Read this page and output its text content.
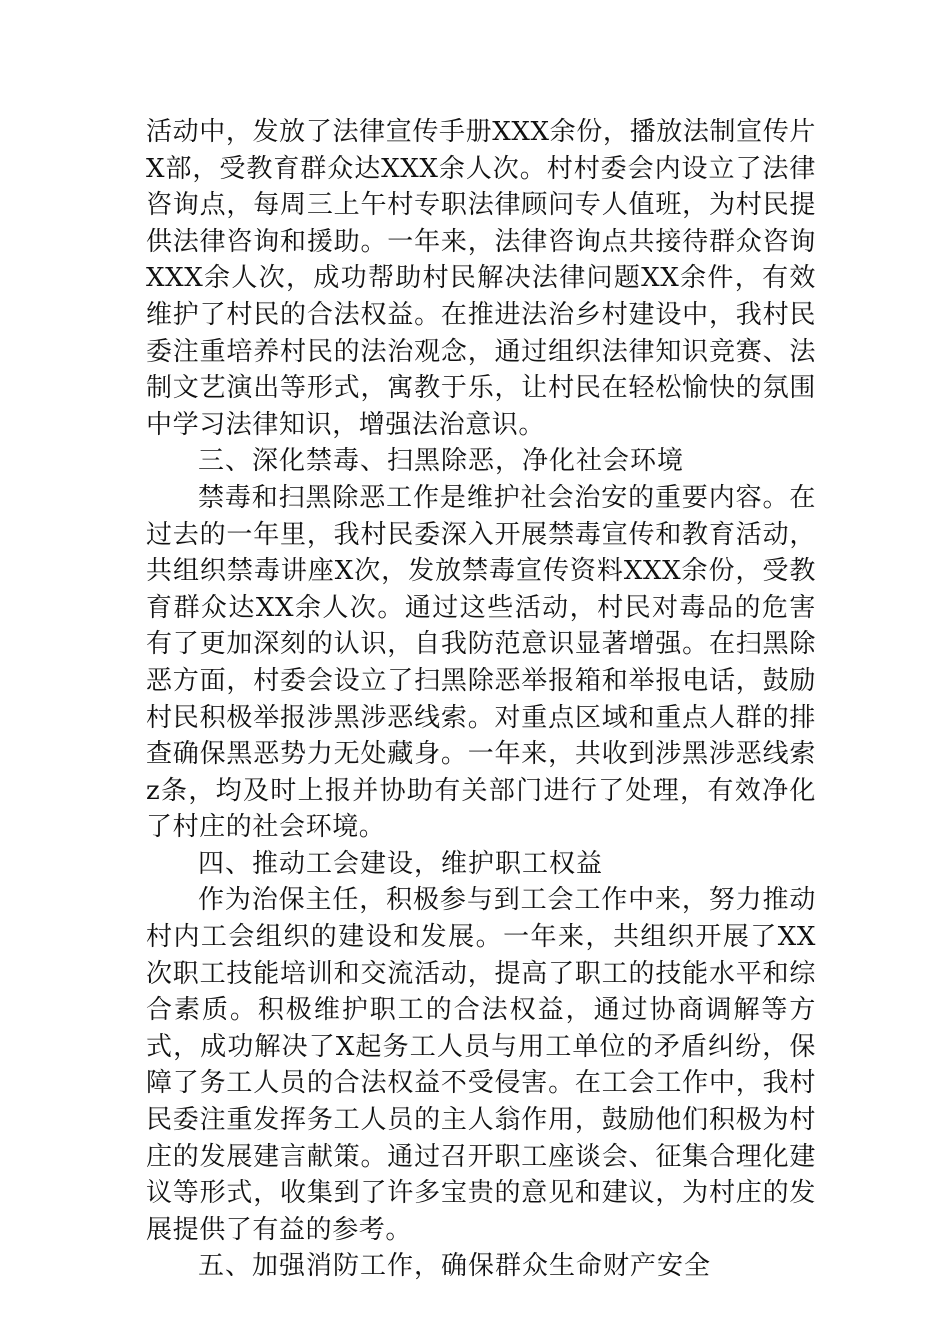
活动中，发放了法律宣传手册XXX余份，播放法制宣传片X部，受教育群众达XXX余人次。村村委会内设立了法律咨询点，每周三上午村专职法律顾问专人值班，为村民提供法律咨询和援助。一年来，法律咨询点共接待群众咨询XXX余人次，成功帮助村民解决法律问题XX余件，有效维护了村民的合法权益。在推进法治乡村建设中，我村民委注重培养村民的法治观念，通过组织法律知识竞赛、法制文艺演出等形式，寓教于乐，让村民在轻松愉快的氛围中学习法律知识，增强法治意识。

三、深化禁毒、扫黑除恶，净化社会环境

禁毒和扫黑除恶工作是维护社会治安的重要内容。在过去的一年里，我村民委深入开展禁毒宣传和教育活动，共组织禁毒讲座X次，发放禁毒宣传资料XXX余份，受教育群众达XX余人次。通过这些活动，村民对毒品的危害有了更加深刻的认识，自我防范意识显著增强。在扫黑除恶方面，村委会设立了扫黑除恶举报箱和举报电话，鼓励村民积极举报涉黑涉恶线索。对重点区域和重点人群的排查确保黑恶势力无处藏身。一年来，共收到涉黑涉恶线索z条，均及时上报并协助有关部门进行了处理，有效净化了村庄的社会环境。

四、推动工会建设，维护职工权益

作为治保主任，积极参与到工会工作中来，努力推动村内工会组织的建设和发展。一年来，共组织开展了XX次职工技能培训和交流活动，提高了职工的技能水平和综合素质。积极维护职工的合法权益，通过协商调解等方式，成功解决了X起务工人员与用工单位的矛盾纠纷，保障了务工人员的合法权益不受侵害。在工会工作中，我村民委注重发挥务工人员的主人翁作用，鼓励他们积极为村庄的发展建言献策。通过召开职工座谈会、征集合理化建议等形式，收集到了许多宝贵的意见和建议，为村庄的发展提供了有益的参考。

五、加强消防工作，确保群众生命财产安全
